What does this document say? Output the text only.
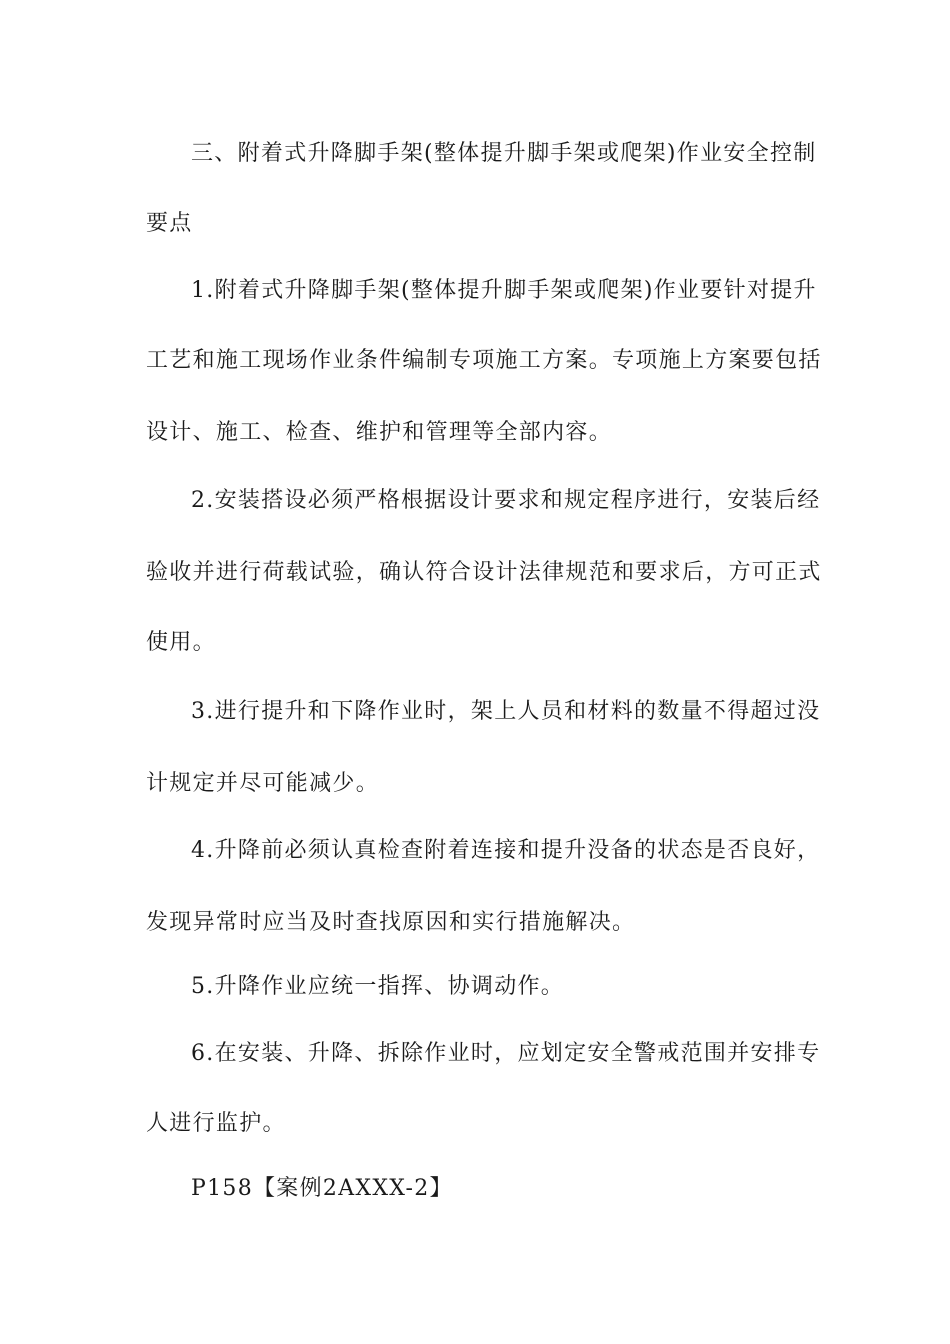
三、附着式升降脚手架(整体提升脚手架或爬架)作业安全控制
要点
1.附着式升降脚手架(整体提升脚手架或爬架)作业要针对提升
工艺和施工现场作业条件编制专项施工方案。专项施上方案要包括
设计、施工、检查、维护和管理等全部内容。
2.安装搭设必须严格根据设计要求和规定程序进行，安装后经
验收并进行荷载试验，确认符合设计法律规范和要求后，方可正式
使用。
3.进行提升和下降作业时，架上人员和材料的数量不得超过没
计规定并尽可能减少。
4.升降前必须认真检查附着连接和提升没备的状态是否良好，
发现异常时应当及时查找原因和实行措施解决。
5.升降作业应统一指挥、协调动作。
6.在安装、升降、拆除作业时，应划定安全警戒范围并安排专
人进行监护。
P158【案例2AXXX-2】
